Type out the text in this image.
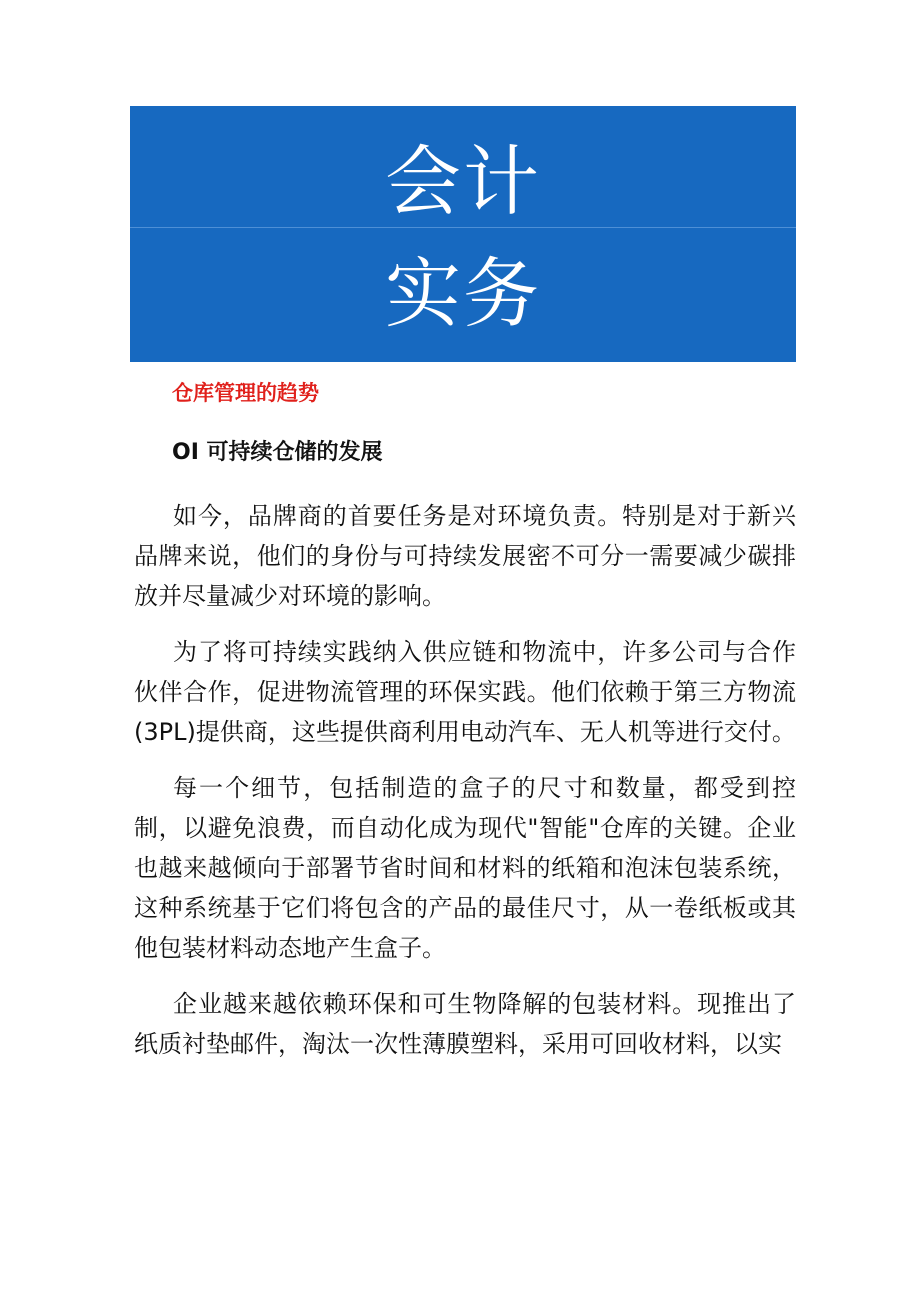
会计
实务
仓库管理的趋势
OI 可持续仓储的发展

如今，品牌商的首要任务是对环境负责。特别是对于新兴品牌来说，他们的身份与可持续发展密不可分一需要减少碳排放并尽量减少对环境的影响。

为了将可持续实践纳入供应链和物流中，许多公司与合作伙伴合作，促进物流管理的环保实践。他们依赖于第三方物流(3PL)提供商，这些提供商利用电动汽车、无人机等进行交付。

每一个细节，包括制造的盒子的尺寸和数量，都受到控制，以避免浪费，而自动化成为现代"智能"仓库的关键。企业也越来越倾向于部署节省时间和材料的纸箱和泡沫包装系统，这种系统基于它们将包含的产品的最佳尺寸，从一卷纸板或其他包装材料动态地产生盒子。

企业越来越依赖环保和可生物降解的包装材料。现推出了纸质衬垫邮件，淘汰一次性薄膜塑料，采用可回收材料，以实
